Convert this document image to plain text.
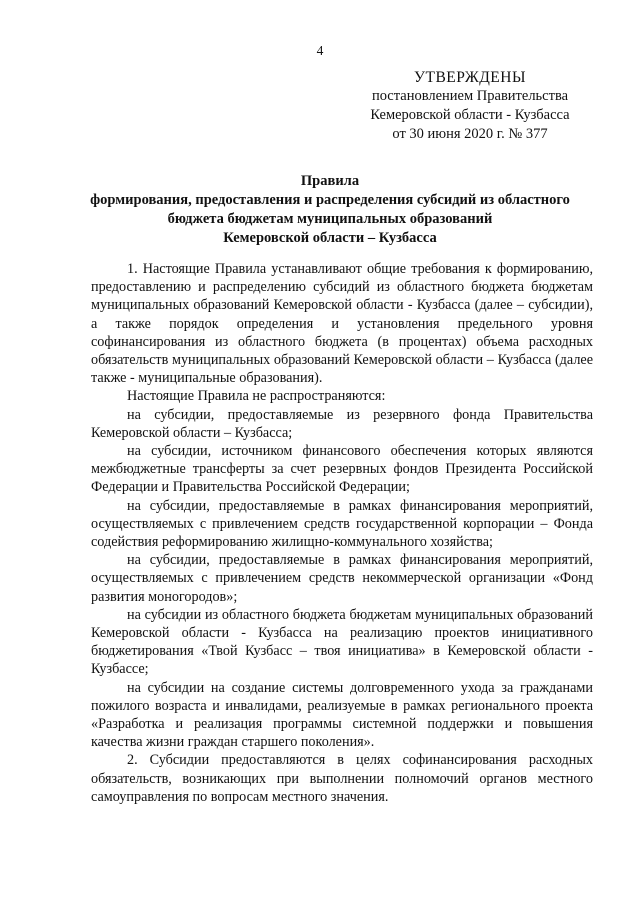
4
УТВЕРЖДЕНЫ
постановлением Правительства
Кемеровской области - Кузбасса
от 30 июня 2020 г. № 377
Правила
формирования, предоставления и распределения субсидий из областного
бюджета бюджетам муниципальных образований
Кемеровской области – Кузбасса

1. Настоящие Правила устанавливают общие требования к формированию, предоставлению и распределению субсидий из областного бюджета бюджетам муниципальных образований Кемеровской области - Кузбасса (далее – субсидии), а также порядок определения и установления предельного уровня софинансирования из областного бюджета (в процентах) объема расходных обязательств муниципальных образований Кемеровской области – Кузбасса (далее также - муниципальные образования).

Настоящие Правила не распространяются:

на субсидии, предоставляемые из резервного фонда Правительства Кемеровской области – Кузбасса;

на субсидии, источником финансового обеспечения которых являются межбюджетные трансферты за счет резервных фондов Президента Российской Федерации и Правительства Российской Федерации;

на субсидии, предоставляемые в рамках финансирования мероприятий, осуществляемых с привлечением средств государственной корпорации – Фонда содействия реформированию жилищно-коммунального хозяйства;

на субсидии, предоставляемые в рамках финансирования мероприятий, осуществляемых с привлечением средств некоммерческой организации «Фонд развития моногородов»;

на субсидии из областного бюджета бюджетам муниципальных образований Кемеровской области - Кузбасса на реализацию проектов инициативного бюджетирования «Твой Кузбасс – твоя инициатива» в Кемеровской области - Кузбассе;

на субсидии на создание системы долговременного ухода за гражданами пожилого возраста и инвалидами, реализуемые в рамках регионального проекта «Разработка и реализация программы системной поддержки и повышения качества жизни граждан старшего поколения».

2. Субсидии предоставляются в целях софинансирования расходных обязательств, возникающих при выполнении полномочий органов местного самоуправления по вопросам местного значения.
